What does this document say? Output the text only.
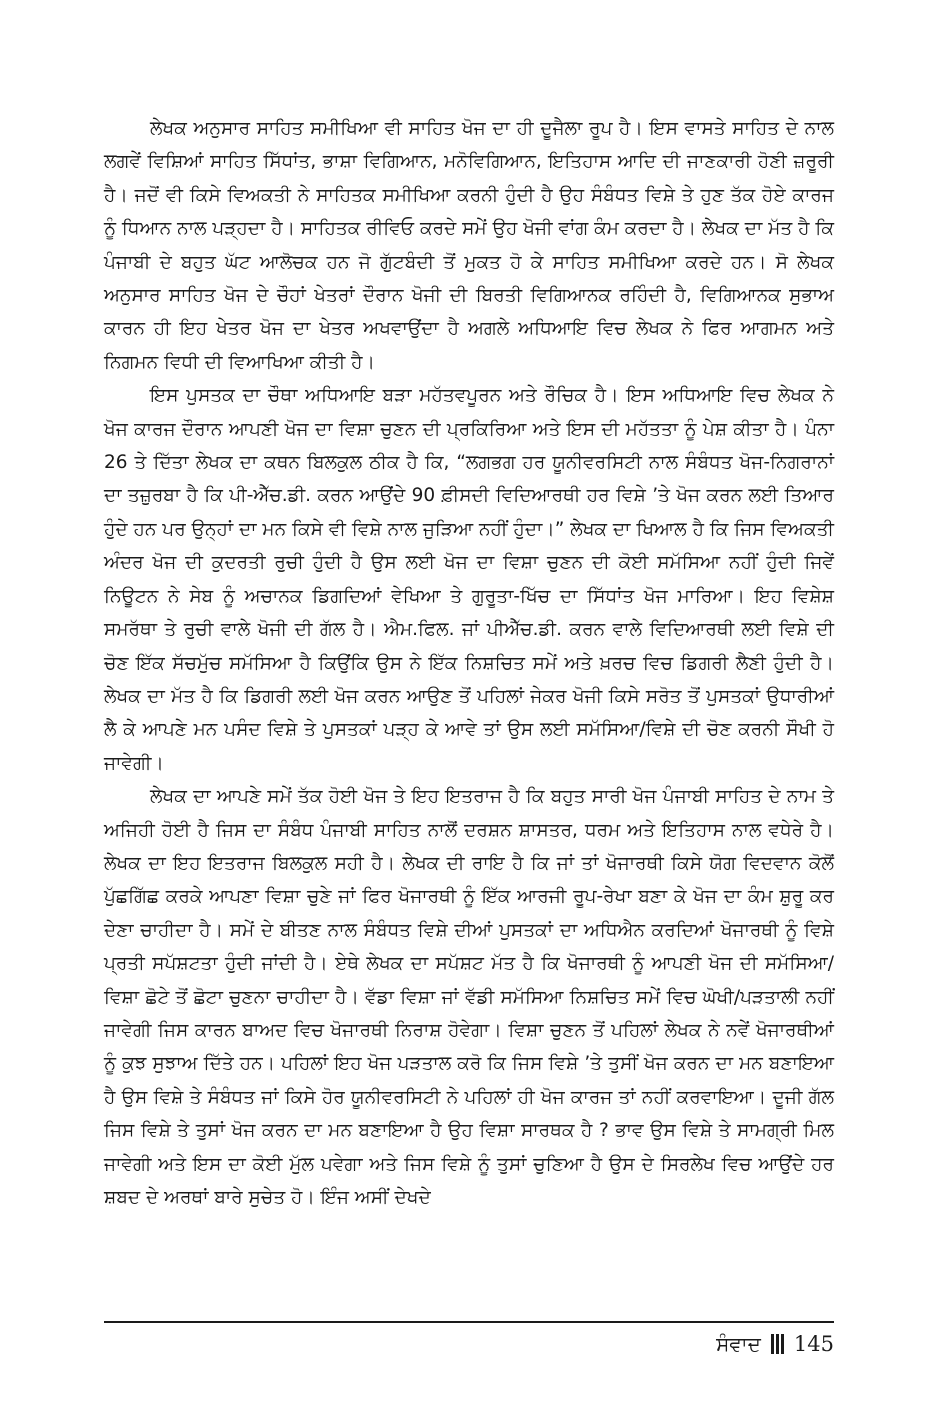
ਲੇਖਕ ਅਨੁਸਾਰ ਸਾਹਿਤ ਸਮੀਖਿਆ ਵੀ ਸਾਹਿਤ ਖੋਜ ਦਾ ਹੀ ਦੂਜੈਲਾ ਰੂਪ ਹੈ। ਇਸ ਵਾਸਤੇ ਸਾਹਿਤ ਦੇ ਨਾਲ ਲਗਵੇਂ ਵਿਸ਼ਿਆਂ ਸਾਹਿਤ ਸਿੱਧਾਂਤ, ਭਾਸ਼ਾ ਵਿਗਿਆਨ, ਮਨੋਵਿਗਿਆਨ, ਇਤਿਹਾਸ ਆਦਿ ਦੀ ਜਾਣਕਾਰੀ ਹੋਣੀ ਜ਼ਰੂਰੀ ਹੈ। ਜਦੋਂ ਵੀ ਕਿਸੇ ਵਿਅਕਤੀ ਨੇ ਸਾਹਿਤਕ ਸਮੀਖਿਆ ਕਰਨੀ ਹੁੰਦੀ ਹੈ ਉਹ ਸੰਬੰਧਤ ਵਿਸ਼ੇ ਤੇ ਹੁਣ ਤੱਕ ਹੋਏ ਕਾਰਜ ਨੂੰ ਧਿਆਨ ਨਾਲ ਪੜ੍ਹਦਾ ਹੈ। ਸਾਹਿਤਕ ਰੀਵਿਓ ਕਰਦੇ ਸਮੇਂ ਉਹ ਖੋਜੀ ਵਾਂਗ ਕੰਮ ਕਰਦਾ ਹੈ। ਲੇਖਕ ਦਾ ਮੱਤ ਹੈ ਕਿ ਪੰਜਾਬੀ ਦੇ ਬਹੁਤ ਘੱਟ ਆਲੋਚਕ ਹਨ ਜੋ ਗੁੱਟਬੰਦੀ ਤੋਂ ਮੁਕਤ ਹੋ ਕੇ ਸਾਹਿਤ ਸਮੀਖਿਆ ਕਰਦੇ ਹਨ। ਸੋ ਲੇਖਕ ਅਨੁਸਾਰ ਸਾਹਿਤ ਖੋਜ ਦੇ ਚੌਹਾਂ ਖੇਤਰਾਂ ਦੌਰਾਨ ਖੋਜੀ ਦੀ ਬਿਰਤੀ ਵਿਗਿਆਨਕ ਰਹਿੰਦੀ ਹੈ, ਵਿਗਿਆਨਕ ਸੁਭਾਅ ਕਾਰਨ ਹੀ ਇਹ ਖੇਤਰ ਖੋਜ ਦਾ ਖੇਤਰ ਅਖਵਾਉਂਦਾ ਹੈ ਅਗਲੇ ਅਧਿਆਇ ਵਿਚ ਲੇਖਕ ਨੇ ਫਿਰ ਆਗਮਨ ਅਤੇ ਨਿਗਮਨ ਵਿਧੀ ਦੀ ਵਿਆਖਿਆ ਕੀਤੀ ਹੈ।

ਇਸ ਪੁਸਤਕ ਦਾ ਚੌਥਾ ਅਧਿਆਇ ਬੜਾ ਮਹੱਤਵਪੂਰਨ ਅਤੇ ਰੌਚਿਕ ਹੈ। ਇਸ ਅਧਿਆਇ ਵਿਚ ਲੇਖਕ ਨੇ ਖੋਜ ਕਾਰਜ ਦੌਰਾਨ ਆਪਣੀ ਖੋਜ ਦਾ ਵਿਸ਼ਾ ਚੁਣਨ ਦੀ ਪ੍ਰਕਿਰਿਆ ਅਤੇ ਇਸ ਦੀ ਮਹੱਤਤਾ ਨੂੰ ਪੇਸ਼ ਕੀਤਾ ਹੈ। ਪੰਨਾ 26 ਤੇ ਦਿੱਤਾ ਲੇਖਕ ਦਾ ਕਥਨ ਬਿਲਕੁਲ ਠੀਕ ਹੈ ਕਿ, “ਲਗਭਗ ਹਰ ਯੂਨੀਵਰਸਿਟੀ ਨਾਲ ਸੰਬੰਧਤ ਖੋਜ-ਨਿਗਰਾਨਾਂ ਦਾ ਤਜ਼ੁਰਬਾ ਹੈ ਕਿ ਪੀ-ਐੱਚ.ਡੀ. ਕਰਨ ਆਉਂਦੇ 90 ਫ਼ੀਸਦੀ ਵਿਦਿਆਰਥੀ ਹਰ ਵਿਸ਼ੇ ’ਤੇ ਖੋਜ ਕਰਨ ਲਈ ਤਿਆਰ ਹੁੰਦੇ ਹਨ ਪਰ ਉਨ੍ਹਾਂ ਦਾ ਮਨ ਕਿਸੇ ਵੀ ਵਿਸ਼ੇ ਨਾਲ ਜੁੜਿਆ ਨਹੀਂ ਹੁੰਦਾ।” ਲੇਖਕ ਦਾ ਖਿਆਲ ਹੈ ਕਿ ਜਿਸ ਵਿਅਕਤੀ ਅੰਦਰ ਖੋਜ ਦੀ ਕੁਦਰਤੀ ਰੁਚੀ ਹੁੰਦੀ ਹੈ ਉਸ ਲਈ ਖੋਜ ਦਾ ਵਿਸ਼ਾ ਚੁਣਨ ਦੀ ਕੋਈ ਸਮੱਸਿਆ ਨਹੀਂ ਹੁੰਦੀ ਜਿਵੇਂ ਨਿਊਟਨ ਨੇ ਸੇਬ ਨੂੰ ਅਚਾਨਕ ਡਿਗਦਿਆਂ ਵੇਖਿਆ ਤੇ ਗੁਰੂਤਾ-ਖਿੱਚ ਦਾ ਸਿੱਧਾਂਤ ਖੋਜ ਮਾਰਿਆ। ਇਹ ਵਿਸ਼ੇਸ਼ ਸਮਰੱਥਾ ਤੇ ਰੁਚੀ ਵਾਲੇ ਖੋਜੀ ਦੀ ਗੱਲ ਹੈ। ਐਮ.ਫਿਲ. ਜਾਂ ਪੀਐੱਚ.ਡੀ. ਕਰਨ ਵਾਲੇ ਵਿਦਿਆਰਥੀ ਲਈ ਵਿਸ਼ੇ ਦੀ ਚੋਣ ਇੱਕ ਸੱਚਮੁੱਚ ਸਮੱਸਿਆ ਹੈ ਕਿਉਂਕਿ ਉਸ ਨੇ ਇੱਕ ਨਿਸ਼ਚਿਤ ਸਮੇਂ ਅਤੇ ਖ਼ਰਚ ਵਿਚ ਡਿਗਰੀ ਲੈਣੀ ਹੁੰਦੀ ਹੈ। ਲੇਖਕ ਦਾ ਮੱਤ ਹੈ ਕਿ ਡਿਗਰੀ ਲਈ ਖੋਜ ਕਰਨ ਆਉਣ ਤੋਂ ਪਹਿਲਾਂ ਜੇਕਰ ਖੋਜੀ ਕਿਸੇ ਸਰੋਤ ਤੋਂ ਪੁਸਤਕਾਂ ਉਧਾਰੀਆਂ ਲੈ ਕੇ ਆਪਣੇ ਮਨ ਪਸੰਦ ਵਿਸ਼ੇ ਤੇ ਪੁਸਤਕਾਂ ਪੜ੍ਹ ਕੇ ਆਵੇ ਤਾਂ ਉਸ ਲਈ ਸਮੱਸਿਆ/ਵਿਸ਼ੇ ਦੀ ਚੋਣ ਕਰਨੀ ਸੌਖੀ ਹੋ ਜਾਵੇਗੀ।

ਲੇਖਕ ਦਾ ਆਪਣੇ ਸਮੇਂ ਤੱਕ ਹੋਈ ਖੋਜ ਤੇ ਇਹ ਇਤਰਾਜ ਹੈ ਕਿ ਬਹੁਤ ਸਾਰੀ ਖੋਜ ਪੰਜਾਬੀ ਸਾਹਿਤ ਦੇ ਨਾਮ ਤੇ ਅਜਿਹੀ ਹੋਈ ਹੈ ਜਿਸ ਦਾ ਸੰਬੰਧ ਪੰਜਾਬੀ ਸਾਹਿਤ ਨਾਲੋਂ ਦਰਸ਼ਨ ਸ਼ਾਸਤਰ, ਧਰਮ ਅਤੇ ਇਤਿਹਾਸ ਨਾਲ ਵਧੇਰੇ ਹੈ। ਲੇਖਕ ਦਾ ਇਹ ਇਤਰਾਜ ਬਿਲਕੁਲ ਸਹੀ ਹੈ। ਲੇਖਕ ਦੀ ਰਾਇ ਹੈ ਕਿ ਜਾਂ ਤਾਂ ਖੋਜਾਰਥੀ ਕਿਸੇ ਯੋਗ ਵਿਦਵਾਨ ਕੋਲੋਂ ਪੁੱਛਗਿੱਛ ਕਰਕੇ ਆਪਣਾ ਵਿਸ਼ਾ ਚੁਣੇ ਜਾਂ ਫਿਰ ਖੋਜਾਰਥੀ ਨੂੰ ਇੱਕ ਆਰਜੀ ਰੂਪ-ਰੇਖਾ ਬਣਾ ਕੇ ਖੋਜ ਦਾ ਕੰਮ ਸ਼ੁਰੂ ਕਰ ਦੇਣਾ ਚਾਹੀਦਾ ਹੈ। ਸਮੇਂ ਦੇ ਬੀਤਣ ਨਾਲ ਸੰਬੰਧਤ ਵਿਸ਼ੇ ਦੀਆਂ ਪੁਸਤਕਾਂ ਦਾ ਅਧਿਐਨ ਕਰਦਿਆਂ ਖੋਜਾਰਥੀ ਨੂੰ ਵਿਸ਼ੇ ਪ੍ਰਤੀ ਸਪੱਸ਼ਟਤਾ ਹੁੰਦੀ ਜਾਂਦੀ ਹੈ। ਏਥੇ ਲੇਖਕ ਦਾ ਸਪੱਸ਼ਟ ਮੱਤ ਹੈ ਕਿ ਖੋਜਾਰਥੀ ਨੂੰ ਆਪਣੀ ਖੋਜ ਦੀ ਸਮੱਸਿਆ/ਵਿਸ਼ਾ ਛੋਟੇ ਤੋਂ ਛੋਟਾ ਚੁਣਨਾ ਚਾਹੀਦਾ ਹੈ। ਵੱਡਾ ਵਿਸ਼ਾ ਜਾਂ ਵੱਡੀ ਸਮੱਸਿਆ ਨਿਸ਼ਚਿਤ ਸਮੇਂ ਵਿਚ ਘੋਖੀ/ਪੜਤਾਲੀ ਨਹੀਂ ਜਾਵੇਗੀ ਜਿਸ ਕਾਰਨ ਬਾਅਦ ਵਿਚ ਖੋਜਾਰਥੀ ਨਿਰਾਸ਼ ਹੋਵੇਗਾ। ਵਿਸ਼ਾ ਚੁਣਨ ਤੋਂ ਪਹਿਲਾਂ ਲੇਖਕ ਨੇ ਨਵੇਂ ਖੋਜਾਰਥੀਆਂ ਨੂੰ ਕੁਝ ਸੁਝਾਅ ਦਿੱਤੇ ਹਨ। ਪਹਿਲਾਂ ਇਹ ਖੋਜ ਪੜਤਾਲ ਕਰੋ ਕਿ ਜਿਸ ਵਿਸ਼ੇ ’ਤੇ ਤੁਸੀਂ ਖੋਜ ਕਰਨ ਦਾ ਮਨ ਬਣਾਇਆ ਹੈ ਉਸ ਵਿਸ਼ੇ ਤੇ ਸੰਬੰਧਤ ਜਾਂ ਕਿਸੇ ਹੋਰ ਯੂਨੀਵਰਸਿਟੀ ਨੇ ਪਹਿਲਾਂ ਹੀ ਖੋਜ ਕਾਰਜ ਤਾਂ ਨਹੀਂ ਕਰਵਾਇਆ। ਦੂਜੀ ਗੱਲ ਜਿਸ ਵਿਸ਼ੇ ਤੇ ਤੁਸਾਂ ਖੋਜ ਕਰਨ ਦਾ ਮਨ ਬਣਾਇਆ ਹੈ ਉਹ ਵਿਸ਼ਾ ਸਾਰਥਕ ਹੈ ? ਭਾਵ ਉਸ ਵਿਸ਼ੇ ਤੇ ਸਾਮਗ੍ਰੀ ਮਿਲ ਜਾਵੇਗੀ ਅਤੇ ਇਸ ਦਾ ਕੋਈ ਮੁੱਲ ਪਵੇਗਾ ਅਤੇ ਜਿਸ ਵਿਸ਼ੇ ਨੂੰ ਤੁਸਾਂ ਚੁਣਿਆ ਹੈ ਉਸ ਦੇ ਸਿਰਲੇਖ ਵਿਚ ਆਉਂਦੇ ਹਰ ਸ਼ਬਦ ਦੇ ਅਰਥਾਂ ਬਾਰੇ ਸੁਚੇਤ ਹੋ। ਇੰਜ ਅਸੀਂ ਦੇਖਦੇ

ਸੰਵਾਦ 145
